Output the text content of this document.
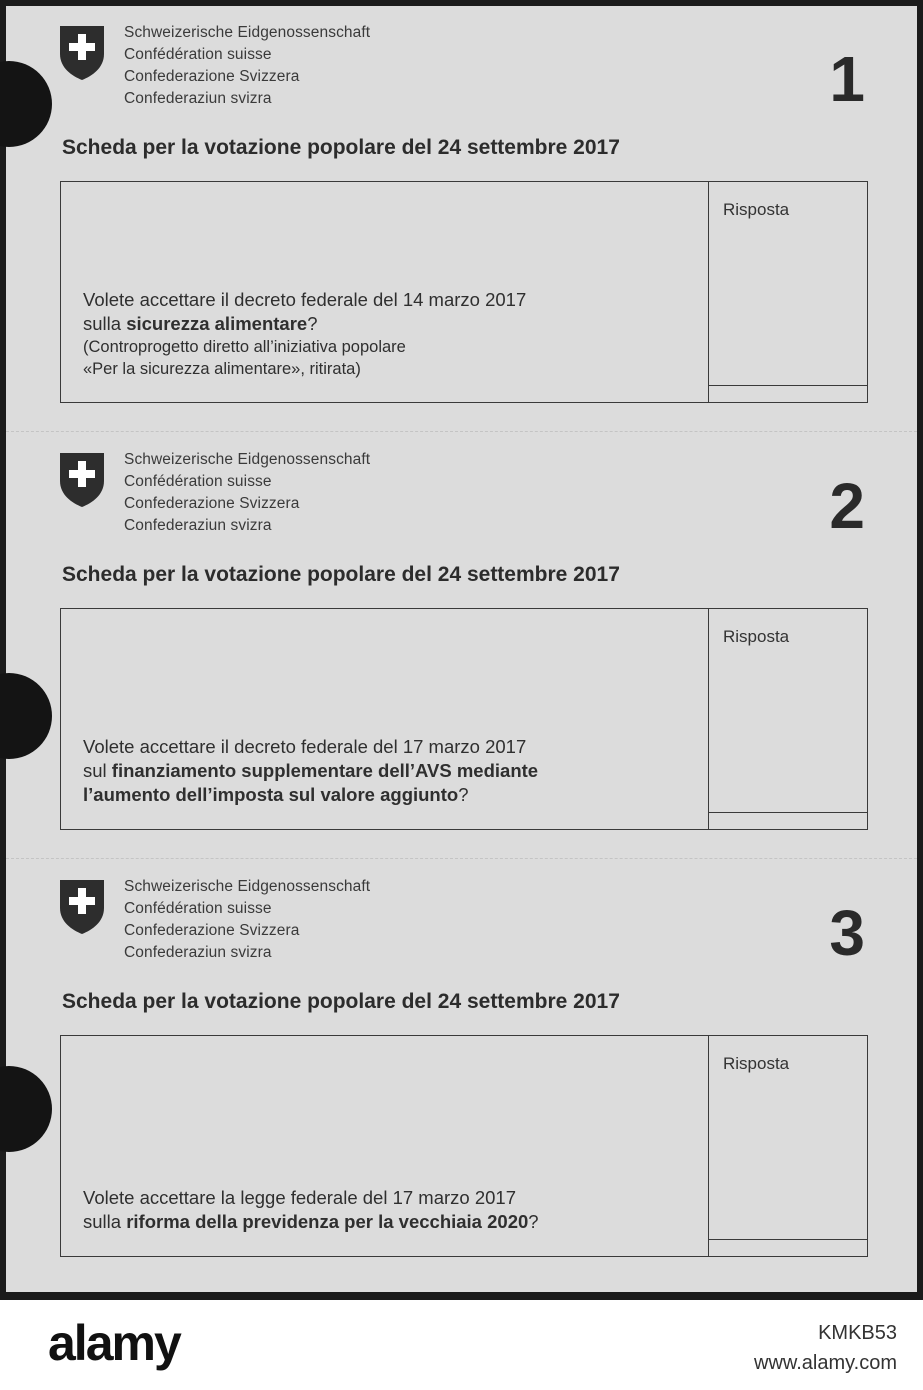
Schweizerische Eidgenossenschaft
Confédération suisse
Confederazione Svizzera
Confederaziun svizra	1
Scheda per la votazione popolare del 24 settembre 2017
Volete accettare il decreto federale del 14 marzo 2017
sulla sicurezza alimentare?
(Controprogetto diretto all’iniziativa popolare
«Per la sicurezza alimentare», ritirata)
Risposta
Schweizerische Eidgenossenschaft
Confédération suisse
Confederazione Svizzera
Confederaziun svizra	2
Scheda per la votazione popolare del 24 settembre 2017
Volete accettare il decreto federale del 17 marzo 2017
sul finanziamento supplementare dell’AVS mediante
l’aumento dell’imposta sul valore aggiunto?
Risposta
Schweizerische Eidgenossenschaft
Confédération suisse
Confederazione Svizzera
Confederaziun svizra	3
Scheda per la votazione popolare del 24 settembre 2017
Volete accettare la legge federale del 17 marzo 2017
sulla riforma della previdenza per la vecchiaia 2020?
Risposta
alamy	KMKB53
www.alamy.com
